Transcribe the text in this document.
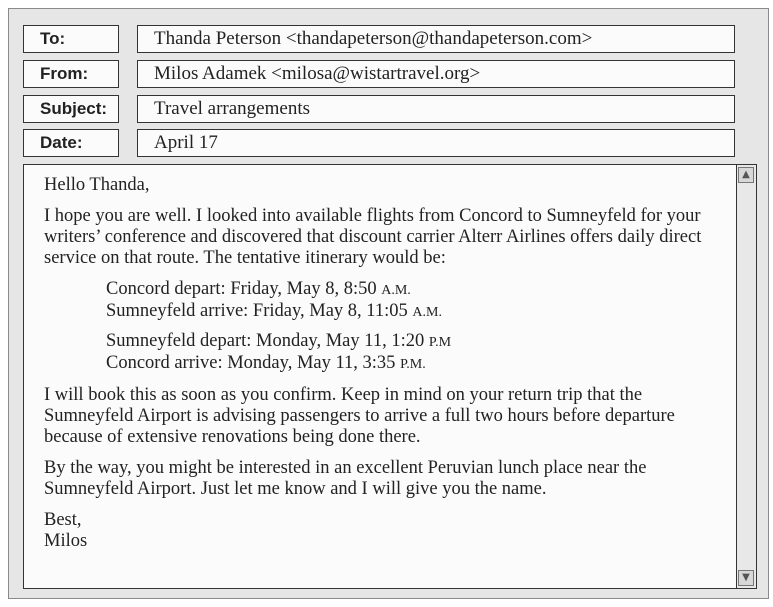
To:	Thanda Peterson <thandapeterson@thandapeterson.com>
From:	Milos Adamek <milosa@wistartravel.org>
Subject:	Travel arrangements
Date:	April 17

Hello Thanda,

I hope you are well. I looked into available flights from Concord to Sumneyfeld for your writers’ conference and discovered that discount carrier Alterr Airlines offers daily direct service on that route. The tentative itinerary would be:

Concord depart: Friday, May 8, 8:50 A.M.
Sumneyfeld arrive: Friday, May 8, 11:05 A.M.
Sumneyfeld depart: Monday, May 11, 1:20 P.M
Concord arrive: Monday, May 11, 3:35 P.M.

I will book this as soon as you confirm. Keep in mind on your return trip that the Sumneyfeld Airport is advising passengers to arrive a full two hours before departure because of extensive renovations being done there.

By the way, you might be interested in an excellent Peruvian lunch place near the Sumneyfeld Airport. Just let me know and I will give you the name.

Best,
Milos
▲
▼
